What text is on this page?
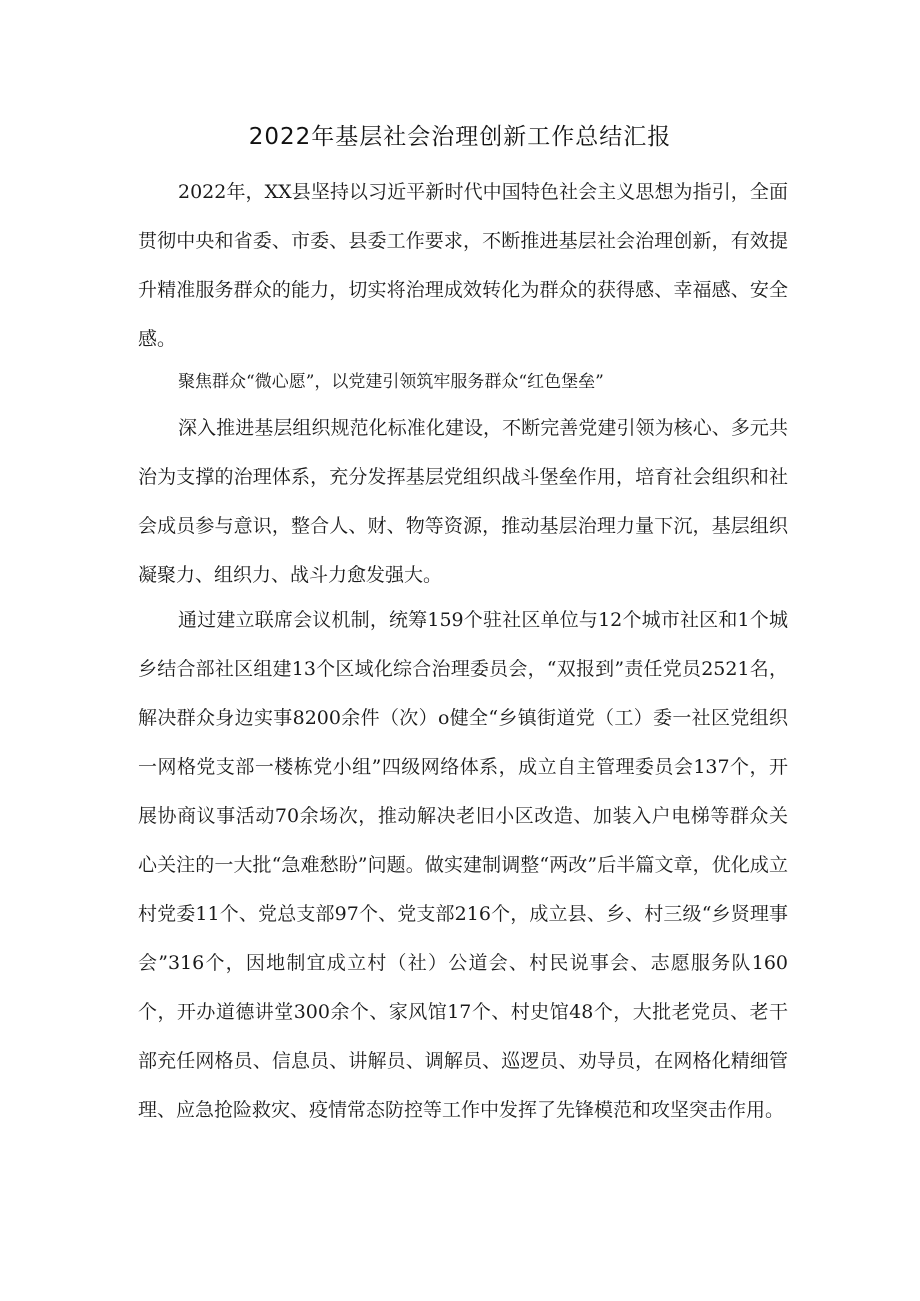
2022年基层社会治理创新工作总结汇报

2022年，XX县坚持以习近平新时代中国特色社会主义思想为指引，全面贯彻中央和省委、市委、县委工作要求，不断推进基层社会治理创新，有效提升精准服务群众的能力，切实将治理成效转化为群众的获得感、幸福感、安全感。

聚焦群众“微心愿”，以党建引领筑牢服务群众“红色堡垒”

深入推进基层组织规范化标准化建设，不断完善党建引领为核心、多元共治为支撑的治理体系，充分发挥基层党组织战斗堡垒作用，培育社会组织和社会成员参与意识，整合人、财、物等资源，推动基层治理力量下沉，基层组织凝聚力、组织力、战斗力愈发强大。

通过建立联席会议机制，统筹159个驻社区单位与12个城市社区和1个城乡结合部社区组建13个区域化综合治理委员会，“双报到”责任党员2521名，解决群众身边实事8200余件（次）o健全“乡镇街道党（工）委一社区党组织一网格党支部一楼栋党小组”四级网络体系，成立自主管理委员会137个，开展协商议事活动70余场次，推动解决老旧小区改造、加装入户电梯等群众关心关注的一大批“急难愁盼”问题。做实建制调整“两改”后半篇文章，优化成立村党委11个、党总支部97个、党支部216个，成立县、乡、村三级“乡贤理事会”316个，因地制宜成立村（社）公道会、村民说事会、志愿服务队160个，开办道德讲堂300余个、家风馆17个、村史馆48个，大批老党员、老干部充任网格员、信息员、讲解员、调解员、巡逻员、劝导员，在网格化精细管理、应急抢险救灾、疫情常态防控等工作中发挥了先锋模范和攻坚突击作用。
